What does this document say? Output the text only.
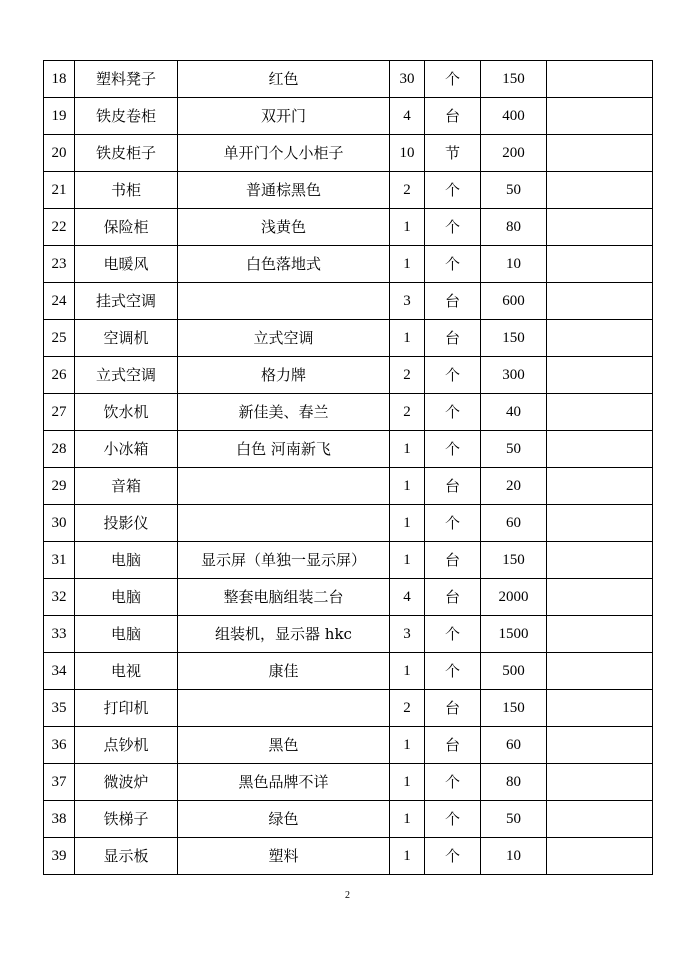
18	塑料凳子	红色	30	个	150	
19	铁皮卷柜	双开门	4	台	400	
20	铁皮柜子	单开门个人小柜子	10	节	200	
21	书柜	普通棕黑色	2	个	50	
22	保险柜	浅黄色	1	个	80	
23	电暖风	白色落地式	1	个	10	
24	挂式空调		3	台	600	
25	空调机	立式空调	1	台	150	
26	立式空调	格力牌	2	个	300	
27	饮水机	新佳美、春兰	2	个	40	
28	小冰箱	白色 河南新飞	1	个	50	
29	音箱		1	台	20	
30	投影仪		1	个	60	
31	电脑	显示屏（单独一显示屏）	1	台	150	
32	电脑	整套电脑组装二台	4	台	2000	
33	电脑	组装机，显示器 hkc	3	个	1500	
34	电视	康佳	1	个	500	
35	打印机		2	台	150	
36	点钞机	黑色	1	台	60	
37	微波炉	黑色品牌不详	1	个	80	
38	铁梯子	绿色	1	个	50	
39	显示板	塑料	1	个	10	
2
